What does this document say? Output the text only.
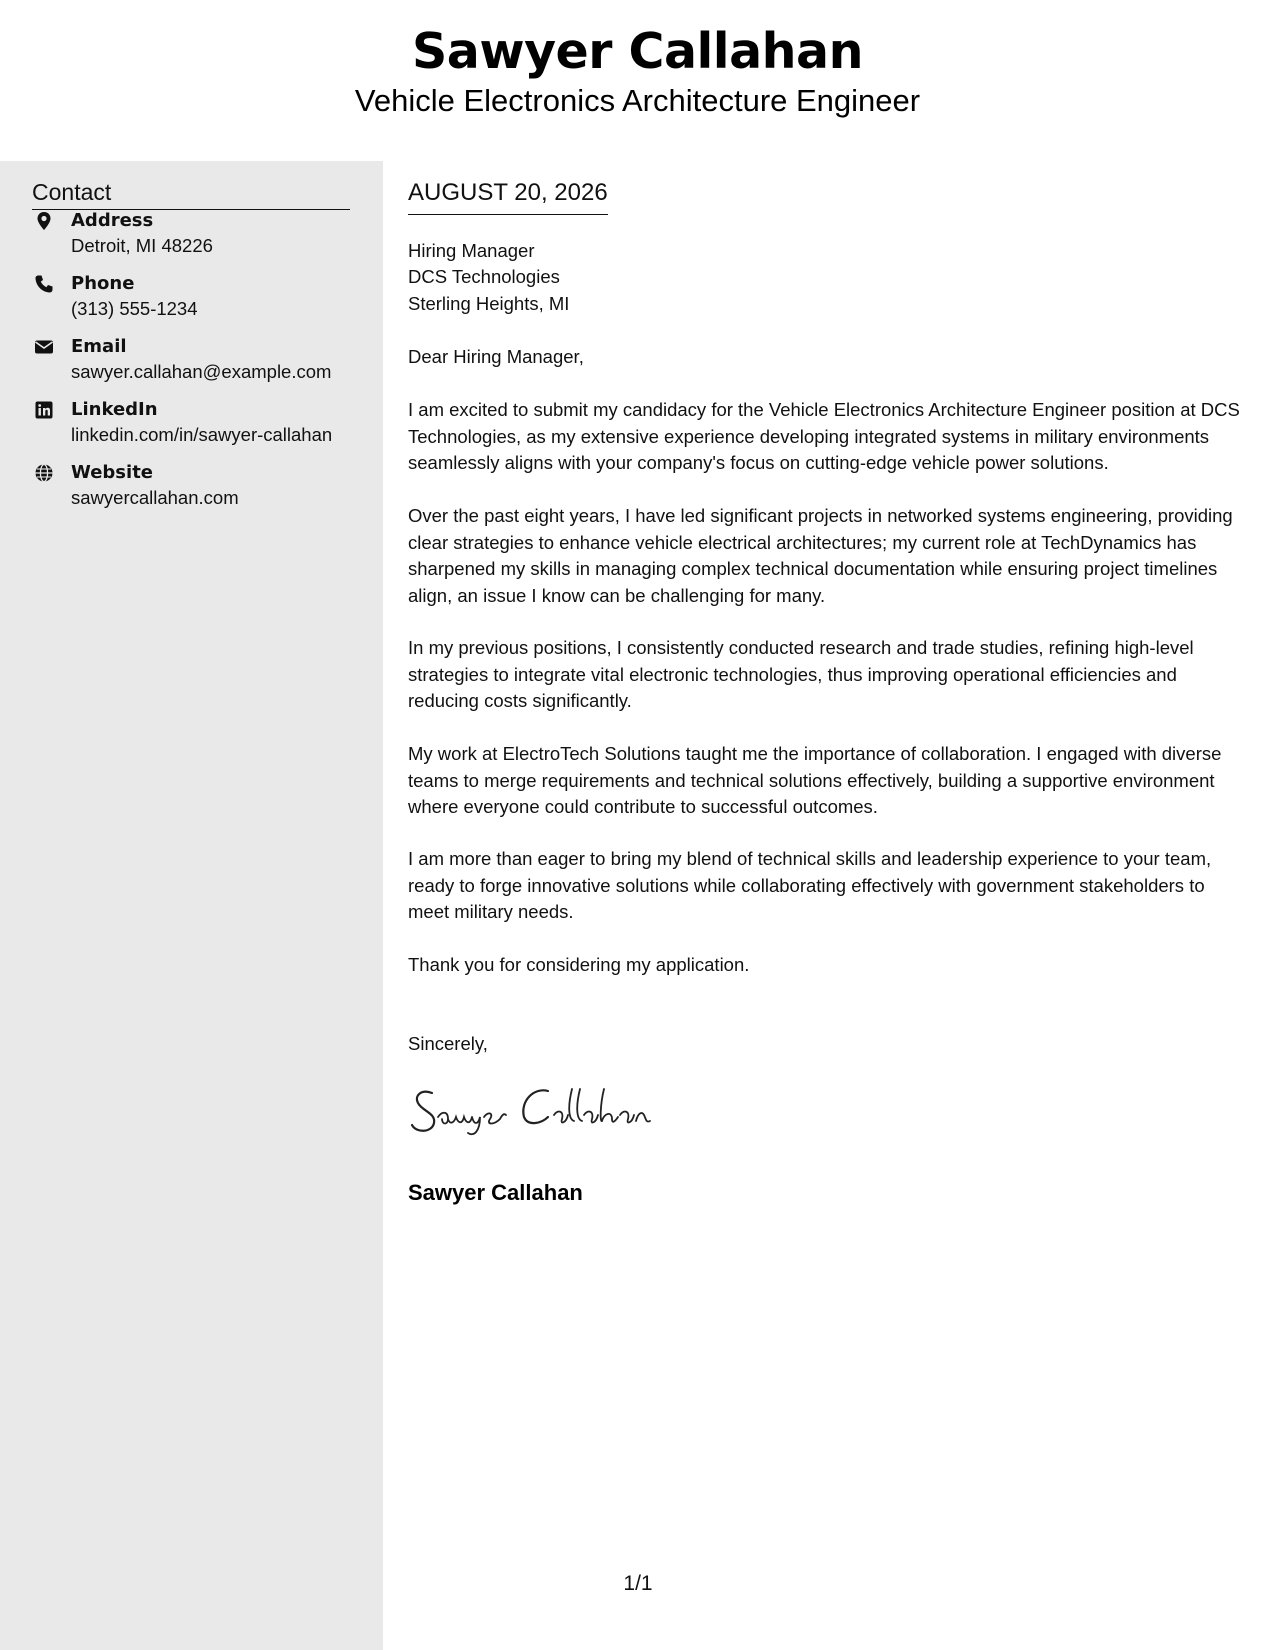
Sawyer Callahan
Vehicle Electronics Architecture Engineer
Contact
Address
Detroit, MI 48226
Phone
(313) 555-1234
Email
sawyer.callahan@example.com
LinkedIn
linkedin.com/in/sawyer-callahan
Website
sawyercallahan.com
AUGUST 20, 2026
Hiring Manager
DCS Technologies
Sterling Heights, MI
Dear Hiring Manager,
I am excited to submit my candidacy for the Vehicle Electronics Architecture Engineer position at DCS Technologies, as my extensive experience developing integrated systems in military environments seamlessly aligns with your company's focus on cutting-edge vehicle power solutions.
Over the past eight years, I have led significant projects in networked systems engineering, providing clear strategies to enhance vehicle electrical architectures; my current role at TechDynamics has sharpened my skills in managing complex technical documentation while ensuring project timelines align, an issue I know can be challenging for many.
In my previous positions, I consistently conducted research and trade studies, refining high-level strategies to integrate vital electronic technologies, thus improving operational efficiencies and reducing costs significantly.
My work at ElectroTech Solutions taught me the importance of collaboration. I engaged with diverse teams to merge requirements and technical solutions effectively, building a supportive environment where everyone could contribute to successful outcomes.
I am more than eager to bring my blend of technical skills and leadership experience to your team, ready to forge innovative solutions while collaborating effectively with government stakeholders to meet military needs.
Thank you for considering my application.
Sincerely,
Sawyer Callahan
1/1
